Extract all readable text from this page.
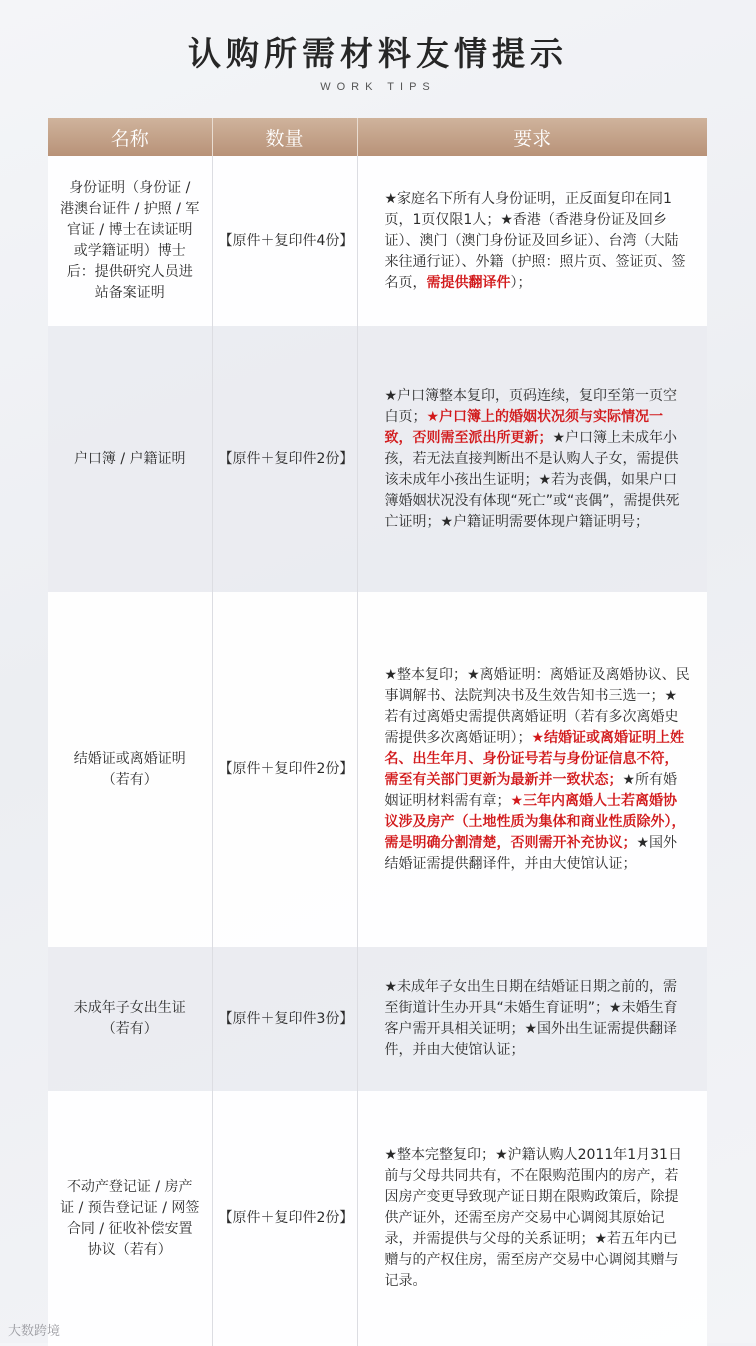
认购所需材料友情提示
WORK TIPS
名称	数量	要求
身份证明（身份证 / 港澳台证件 / 护照 / 军官证 / 博士在读证明或学籍证明）博士后：提供研究人员进站备案证明	【原件＋复印件4份】	★家庭名下所有人身份证明，正反面复印在同1页，1页仅限1人；★香港（香港身份证及回乡证）、澳门（澳门身份证及回乡证）、台湾（大陆来往通行证）、外籍（护照：照片页、签证页、签名页，需提供翻译件）；
户口簿 / 户籍证明	【原件＋复印件2份】	★户口簿整本复印，页码连续，复印至第一页空白页；★户口簿上的婚姻状况须与实际情况一致，否则需至派出所更新；★户口簿上未成年小孩，若无法直接判断出不是认购人子女，需提供该未成年小孩出生证明；★若为丧偶，如果户口簿婚姻状况没有体现“死亡”或“丧偶”，需提供死亡证明；★户籍证明需要体现户籍证明号；
结婚证或离婚证明（若有）	【原件＋复印件2份】	★整本复印；★离婚证明：离婚证及离婚协议、民事调解书、法院判决书及生效告知书三选一；★若有过离婚史需提供离婚证明（若有多次离婚史需提供多次离婚证明）；★结婚证或离婚证明上姓名、出生年月、身份证号若与身份证信息不符，需至有关部门更新为最新并一致状态；★所有婚姻证明材料需有章；★三年内离婚人士若离婚协议涉及房产（土地性质为集体和商业性质除外），需是明确分割清楚，否则需开补充协议；★国外结婚证需提供翻译件，并由大使馆认证；
未成年子女出生证（若有）	【原件＋复印件3份】	★未成年子女出生日期在结婚证日期之前的，需至街道计生办开具“未婚生育证明”；★未婚生育客户需开具相关证明；★国外出生证需提供翻译件，并由大使馆认证；
不动产登记证 / 房产证 / 预告登记证 / 网签合同 / 征收补偿安置协议（若有）	【原件＋复印件2份】	★整本完整复印；★沪籍认购人2011年1月31日前与父母共同共有，不在限购范围内的房产，若因房产变更导致现产证日期在限购政策后，除提供产证外，还需至房产交易中心调阅其原始记录，并需提供与父母的关系证明；★若五年内已赠与的产权住房，需至房产交易中心调阅其赠与记录。
大数跨境
